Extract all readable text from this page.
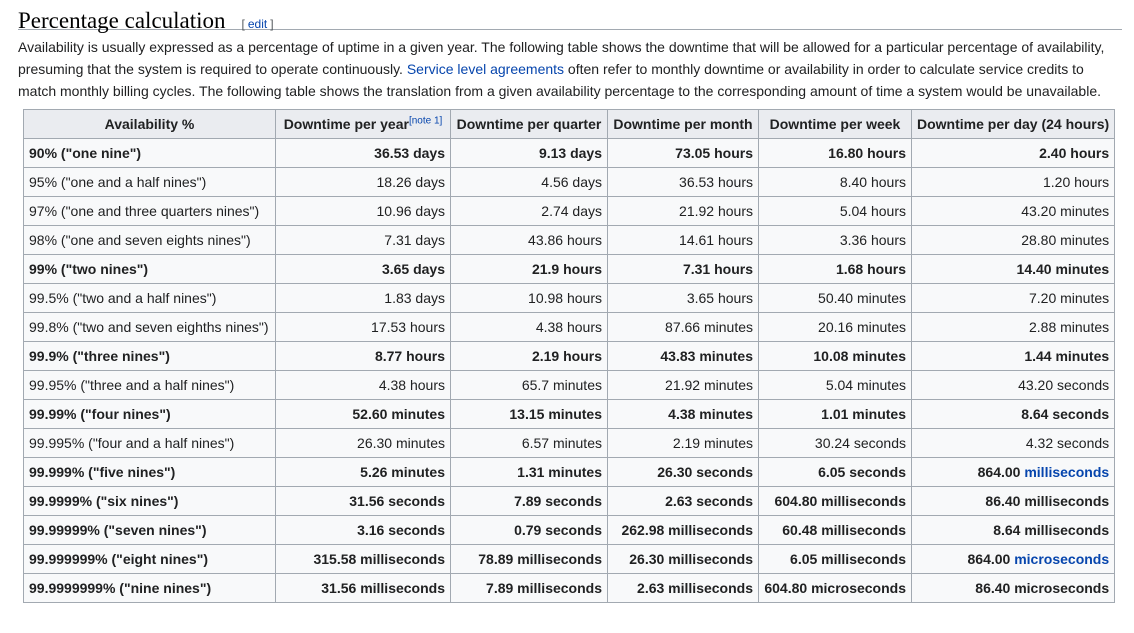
Percentage calculation [ edit ]

Availability is usually expressed as a percentage of uptime in a given year. The following table shows the downtime that will be allowed for a particular percentage of availability, presuming that the system is required to operate continuously. Service level agreements often refer to monthly downtime or availability in order to calculate service credits to match monthly billing cycles. The following table shows the translation from a given availability percentage to the corresponding amount of time a system would be unavailable.

Availability %	Downtime per year[note 1]	Downtime per quarter	Downtime per month	Downtime per week	Downtime per day (24 hours)
90% ("one nine")	36.53 days	9.13 days	73.05 hours	16.80 hours	2.40 hours
95% ("one and a half nines")	18.26 days	4.56 days	36.53 hours	8.40 hours	1.20 hours
97% ("one and three quarters nines")	10.96 days	2.74 days	21.92 hours	5.04 hours	43.20 minutes
98% ("one and seven eights nines")	7.31 days	43.86 hours	14.61 hours	3.36 hours	28.80 minutes
99% ("two nines")	3.65 days	21.9 hours	7.31 hours	1.68 hours	14.40 minutes
99.5% ("two and a half nines")	1.83 days	10.98 hours	3.65 hours	50.40 minutes	7.20 minutes
99.8% ("two and seven eighths nines")	17.53 hours	4.38 hours	87.66 minutes	20.16 minutes	2.88 minutes
99.9% ("three nines")	8.77 hours	2.19 hours	43.83 minutes	10.08 minutes	1.44 minutes
99.95% ("three and a half nines")	4.38 hours	65.7 minutes	21.92 minutes	5.04 minutes	43.20 seconds
99.99% ("four nines")	52.60 minutes	13.15 minutes	4.38 minutes	1.01 minutes	8.64 seconds
99.995% ("four and a half nines")	26.30 minutes	6.57 minutes	2.19 minutes	30.24 seconds	4.32 seconds
99.999% ("five nines")	5.26 minutes	1.31 minutes	26.30 seconds	6.05 seconds	864.00 milliseconds
99.9999% ("six nines")	31.56 seconds	7.89 seconds	2.63 seconds	604.80 milliseconds	86.40 milliseconds
99.99999% ("seven nines")	3.16 seconds	0.79 seconds	262.98 milliseconds	60.48 milliseconds	8.64 milliseconds
99.999999% ("eight nines")	315.58 milliseconds	78.89 milliseconds	26.30 milliseconds	6.05 milliseconds	864.00 microseconds
99.9999999% ("nine nines")	31.56 milliseconds	7.89 milliseconds	2.63 milliseconds	604.80 microseconds	86.40 microseconds
